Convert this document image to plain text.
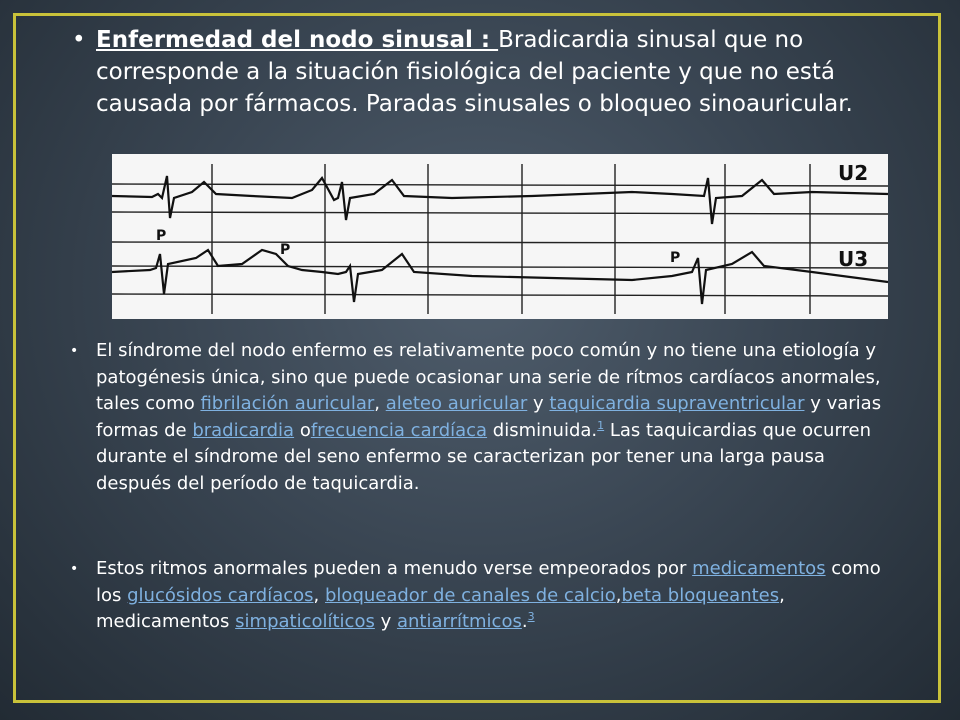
• Enfermedad del nodo sinusal : Bradicardia sinusal que no corresponde a la situación fisiológica del paciente y que no está causada por fármacos. Paradas sinusales o bloqueo sinoauricular.
P
P	P
U2
U3
• El síndrome del nodo enfermo es relativamente poco común y no tiene una etiología y patogénesis única, sino que puede ocasionar una serie de rítmos cardíacos anormales, tales como fibrilación auricular, aleteo auricular y taquicardia supraventricular y varias formas de bradicardia ofrecuencia cardíaca disminuida.$^1$ Las taquicardias que ocurren durante el síndrome del seno enfermo se caracterizan por tener una larga pausa después del período de taquicardia.
• Estos ritmos anormales pueden a menudo verse empeorados por medicamentos como los glucósidos cardíacos, bloqueador de canales de calcio,beta bloqueantes, medicamentos simpaticolíticos y antiarrítmicos.$^3$
